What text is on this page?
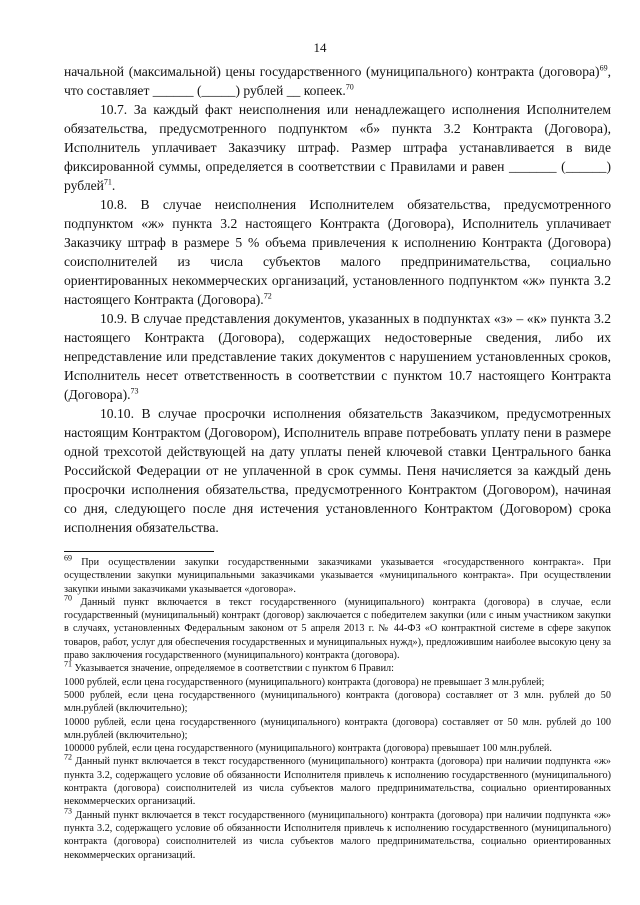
14

начальной (максимальной) цены государственного (муниципального) контракта (договора)$^{69}$, что составляет ______ (_____) рублей __ копеек.$^{70}$

10.7. За каждый факт неисполнения или ненадлежащего исполнения Исполнителем обязательства, предусмотренного подпунктом «б» пункта 3.2 Контракта (Договора), Исполнитель уплачивает Заказчику штраф. Размер штрафа устанавливается в виде фиксированной суммы, определяется в соответствии с Правилами и равен _______ (______) рублей$^{71}$.

10.8. В случае неисполнения Исполнителем обязательства, предусмотренного подпунктом «ж» пункта 3.2 настоящего Контракта (Договора), Исполнитель уплачивает Заказчику штраф в размере 5 % объема привлечения к исполнению Контракта (Договора) соисполнителей из числа субъектов малого предпринимательства, социально ориентированных некоммерческих организаций, установленного подпунктом «ж» пункта 3.2 настоящего Контракта (Договора).$^{72}$

10.9. В случае представления документов, указанных в подпунктах «з» – «к» пункта 3.2 настоящего Контракта (Договора), содержащих недостоверные сведения, либо их непредставление или представление таких документов с нарушением установленных сроков, Исполнитель несет ответственность в соответствии с пунктом 10.7 настоящего Контракта (Договора).$^{73}$

10.10. В случае просрочки исполнения обязательств Заказчиком, предусмотренных настоящим Контрактом (Договором), Исполнитель вправе потребовать уплату пени в размере одной трехсотой действующей на дату уплаты пеней ключевой ставки Центрального банка Российской Федерации от не уплаченной в срок суммы. Пеня начисляется за каждый день просрочки исполнения обязательства, предусмотренного Контрактом (Договором), начиная со дня, следующего после дня истечения установленного Контрактом (Договором) срока исполнения обязательства.

$^{69}$ При осуществлении закупки государственными заказчиками указывается «государственного контракта». При осуществлении закупки муниципальными заказчиками указывается «муниципального контракта». При осуществлении закупки иными заказчиками указывается «договора».

$^{70}$ Данный пункт включается в текст государственного (муниципального) контракта (договора) в случае, если государственный (муниципальный) контракт (договор) заключается с победителем закупки (или с иным участником закупки в случаях, установленных Федеральным законом от 5 апреля 2013 г. № 44-ФЗ «О контрактной системе в сфере закупок товаров, работ, услуг для обеспечения государственных и муниципальных нужд»), предложившим наиболее высокую цену за право заключения государственного (муниципального) контракта (договора).

$^{71}$ Указывается значение, определяемое в соответствии с пунктом 6 Правил:

1000 рублей, если цена государственного (муниципального) контракта (договора) не превышает 3 млн.рублей;

5000 рублей, если цена государственного (муниципального) контракта (договора) составляет от 3 млн. рублей до 50 млн.рублей (включительно);

10000 рублей, если цена государственного (муниципального) контракта (договора) составляет от 50 млн. рублей до 100 млн.рублей (включительно);

100000 рублей, если цена государственного (муниципального) контракта (договора) превышает 100 млн.рублей.

$^{72}$ Данный пункт включается в текст государственного (муниципального) контракта (договора) при наличии подпункта «ж» пункта 3.2, содержащего условие об обязанности Исполнителя привлечь к исполнению государственного (муниципального) контракта (договора) соисполнителей из числа субъектов малого предпринимательства, социально ориентированных некоммерческих организаций.

$^{73}$ Данный пункт включается в текст государственного (муниципального) контракта (договора) при наличии подпункта «ж» пункта 3.2, содержащего условие об обязанности Исполнителя привлечь к исполнению государственного (муниципального) контракта (договора) соисполнителей из числа субъектов малого предпринимательства, социально ориентированных некоммерческих организаций.
